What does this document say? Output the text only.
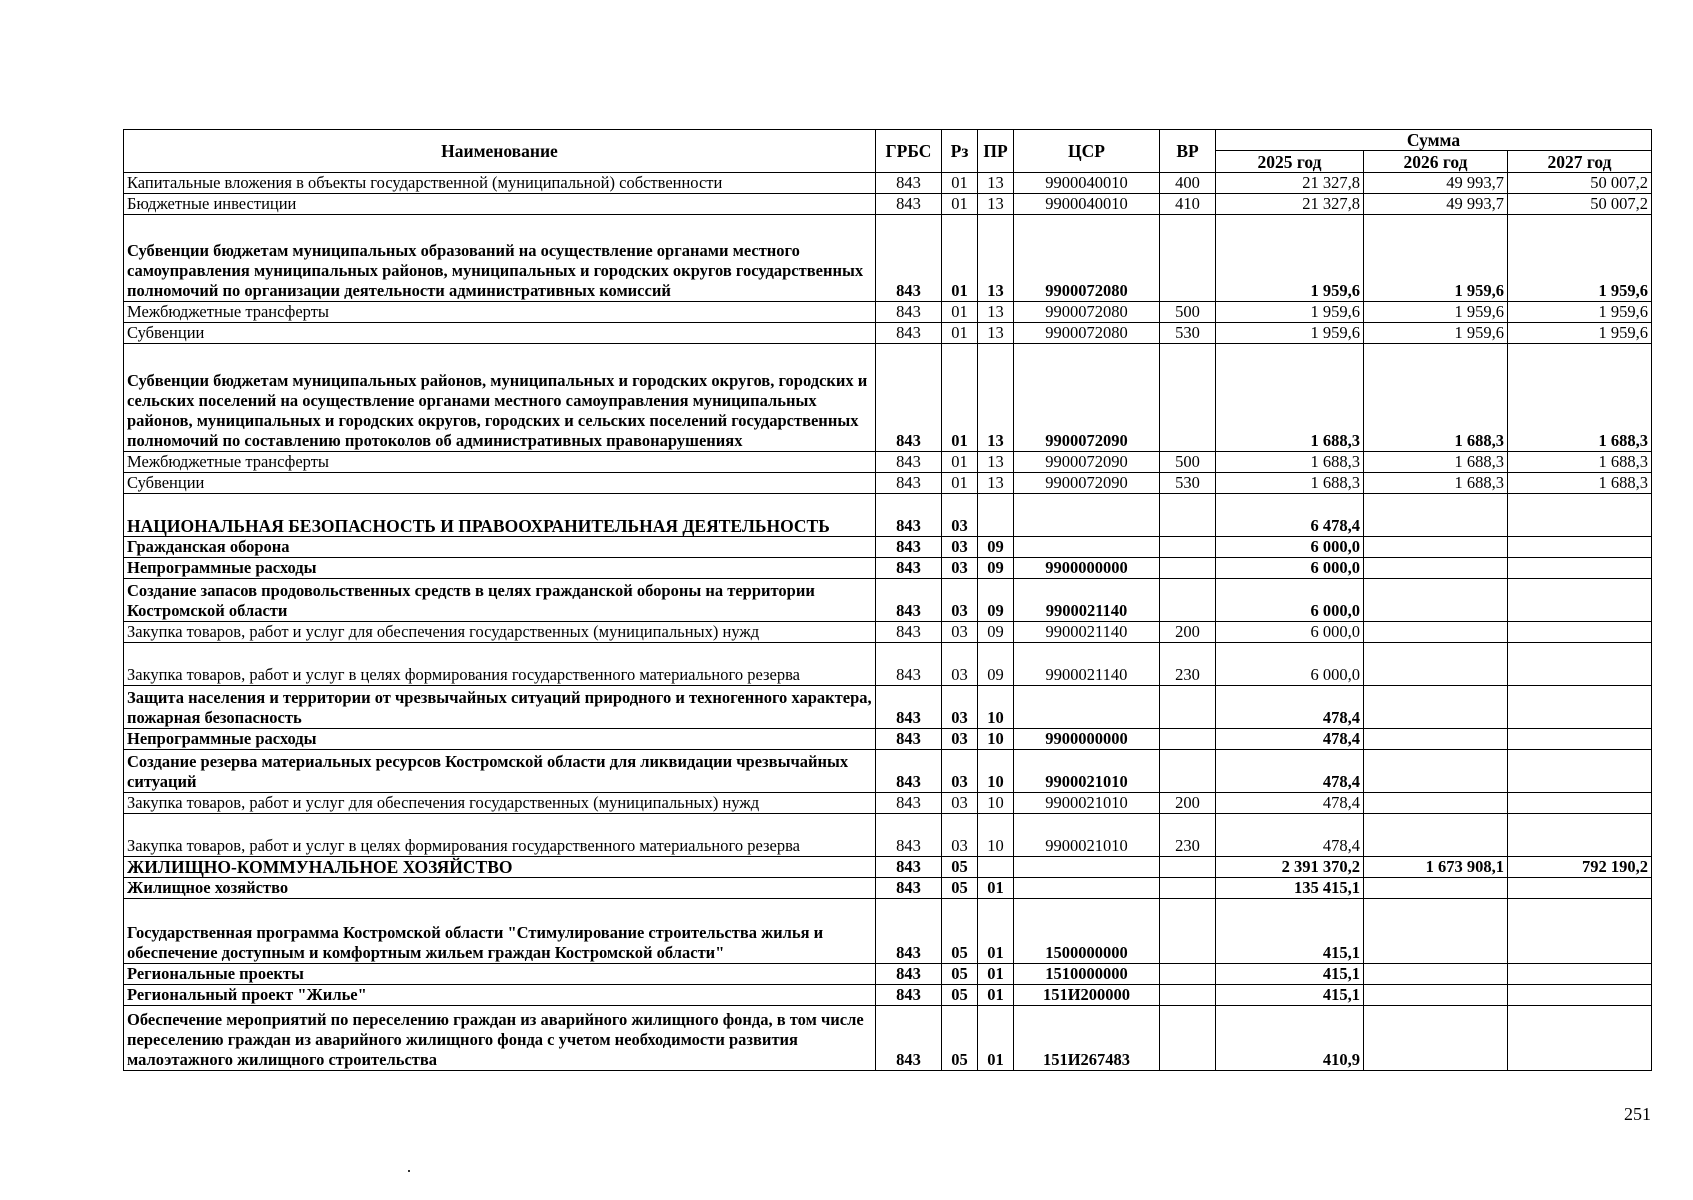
Наименование	ГРБС	Рз	ПР	ЦСР	ВР	Сумма		
						2025 год	2026 год	2027 год
Капитальные вложения в объекты государственной (муниципальной) собственности	843	01	13	9900040010	400	21 327,8	49 993,7	50 007,2
Бюджетные инвестиции	843	01	13	9900040010	410	21 327,8	49 993,7	50 007,2
Субвенции бюджетам муниципальных образований на осуществление органами местного самоуправления муниципальных районов, муниципальных и городских округов государственных полномочий по организации деятельности административных комиссий	843	01	13	9900072080		1 959,6	1 959,6	1 959,6
Межбюджетные трансферты	843	01	13	9900072080	500	1 959,6	1 959,6	1 959,6
Субвенции	843	01	13	9900072080	530	1 959,6	1 959,6	1 959,6
Субвенции бюджетам муниципальных районов, муниципальных и городских округов, городских и сельских поселений на осуществление органами местного самоуправления муниципальных районов, муниципальных и городских округов, городских и сельских поселений государственных полномочий по составлению протоколов об административных правонарушениях	843	01	13	9900072090		1 688,3	1 688,3	1 688,3
Межбюджетные трансферты	843	01	13	9900072090	500	1 688,3	1 688,3	1 688,3
Субвенции	843	01	13	9900072090	530	1 688,3	1 688,3	1 688,3
НАЦИОНАЛЬНАЯ БЕЗОПАСНОСТЬ И ПРАВООХРАНИТЕЛЬНАЯ ДЕЯТЕЛЬНОСТЬ	843	03				6 478,4		
Гражданская оборона	843	03	09			6 000,0		
Непрограммные расходы	843	03	09	9900000000		6 000,0		
Создание запасов продовольственных средств в целях гражданской обороны на территории Костромской области	843	03	09	9900021140		6 000,0		
Закупка товаров, работ и услуг для обеспечения государственных (муниципальных) нужд	843	03	09	9900021140	200	6 000,0		
Закупка товаров, работ и услуг в целях формирования государственного материального резерва	843	03	09	9900021140	230	6 000,0		
Защита населения и территории от чрезвычайных ситуаций природного и техногенного характера, пожарная безопасность	843	03	10			478,4		
Непрограммные расходы	843	03	10	9900000000		478,4		
Создание резерва материальных ресурсов Костромской области для ликвидации чрезвычайных ситуаций	843	03	10	9900021010		478,4		
Закупка товаров, работ и услуг для обеспечения государственных (муниципальных) нужд	843	03	10	9900021010	200	478,4		
Закупка товаров, работ и услуг в целях формирования государственного материального резерва	843	03	10	9900021010	230	478,4		
ЖИЛИЩНО-КОММУНАЛЬНОЕ ХОЗЯЙСТВО	843	05				2 391 370,2	1 673 908,1	792 190,2
Жилищное хозяйство	843	05	01			135 415,1		
Государственная программа Костромской области "Стимулирование строительства жилья и обеспечение доступным и комфортным жильем граждан Костромской области"	843	05	01	1500000000		415,1		
Региональные проекты	843	05	01	1510000000		415,1		
Региональный проект "Жилье"	843	05	01	151И200000		415,1		
Обеспечение мероприятий по переселению граждан из аварийного жилищного фонда, в том числе переселению граждан из аварийного жилищного фонда с учетом необходимости развития малоэтажного жилищного строительства	843	05	01	151И267483		410,9		
251
